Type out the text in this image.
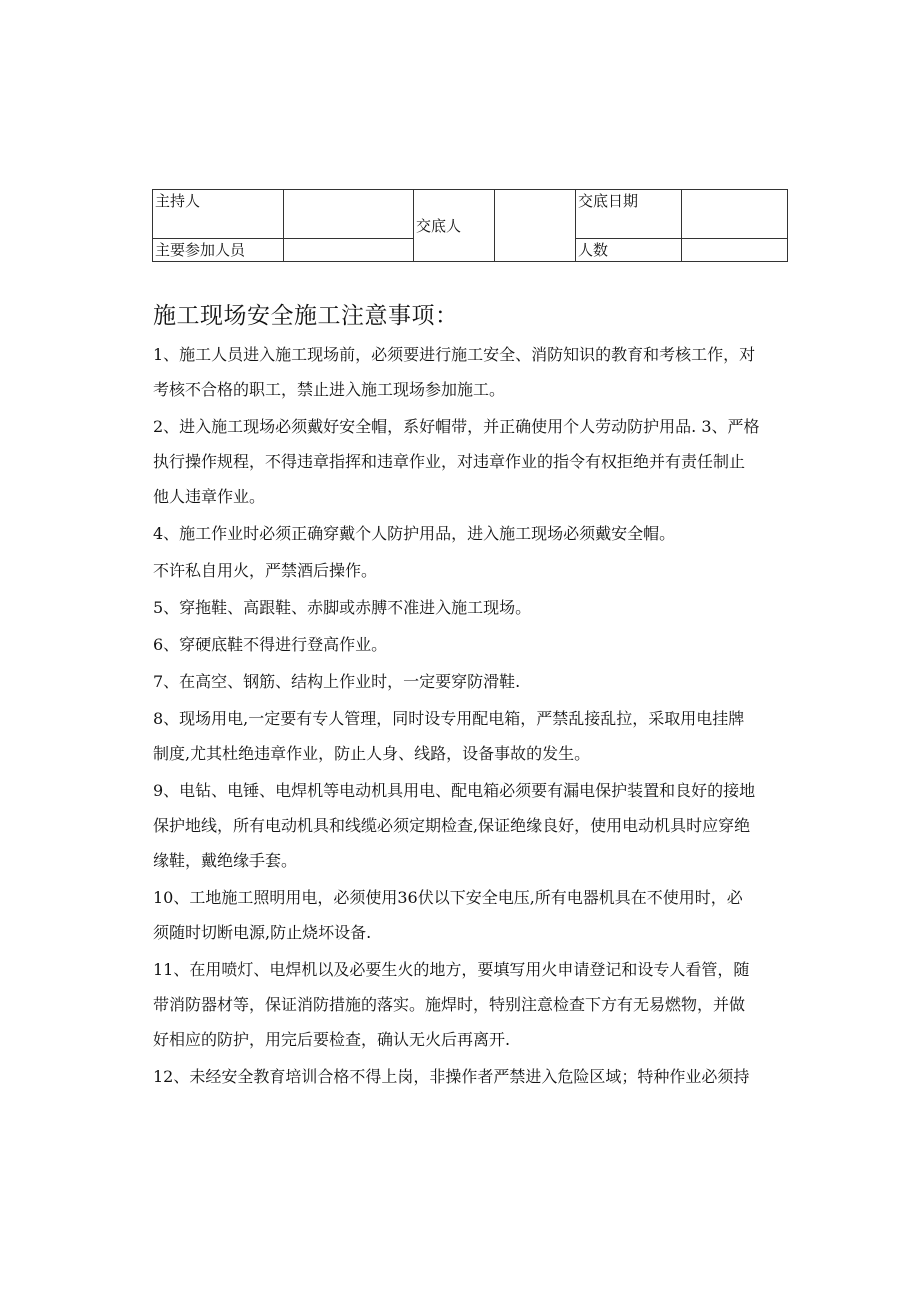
主持人		交底人		交底日期	
主要参加人员				人数	
施工现场安全施工注意事项：

1、施工人员进入施工现场前，必须要进行施工安全、消防知识的教育和考核工作，对
考核不合格的职工，禁止进入施工现场参加施工。

2、进入施工现场必须戴好安全帽，系好帽带，并正确使用个人劳动防护用品. 3、严格
执行操作规程，不得违章指挥和违章作业，对违章作业的指令有权拒绝并有责任制止
他人违章作业。

4、施工作业时必须正确穿戴个人防护用品，进入施工现场必须戴安全帽。

不许私自用火，严禁酒后操作。

5、穿拖鞋、高跟鞋、赤脚或赤膊不准进入施工现场。

6、穿硬底鞋不得进行登高作业。

7、在高空、钢筋、结构上作业时，一定要穿防滑鞋.

8、现场用电,一定要有专人管理，同时设专用配电箱，严禁乱接乱拉，采取用电挂牌
制度,尤其杜绝违章作业，防止人身、线路，设备事故的发生。

9、电钻、电锤、电焊机等电动机具用电、配电箱必须要有漏电保护装置和良好的接地
保护地线，所有电动机具和线缆必须定期检查,保证绝缘良好，使用电动机具时应穿绝
缘鞋，戴绝缘手套。

10、工地施工照明用电，必须使用36伏以下安全电压,所有电器机具在不使用时，必
须随时切断电源,防止烧坏设备.

11、在用喷灯、电焊机以及必要生火的地方，要填写用火申请登记和设专人看管，随
带消防器材等，保证消防措施的落实。施焊时，特别注意检查下方有无易燃物，并做
好相应的防护，用完后要检查，确认无火后再离开.

12、未经安全教育培训合格不得上岗，非操作者严禁进入危险区域；特种作业必须持
